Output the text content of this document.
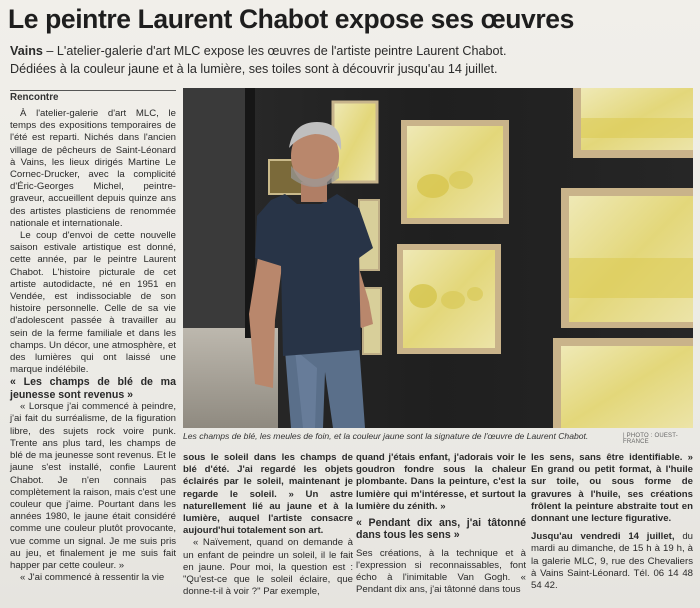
Le peintre Laurent Chabot expose ses œuvres
Vains – L'atelier-galerie d'art MLC expose les œuvres de l'artiste peintre Laurent Chabot.
Dédiées à la couleur jaune et à la lumière, ses toiles sont à découvrir jusqu'au 14 juillet.
Rencontre

À l'atelier-galerie d'art MLC, le temps des expositions temporaires de l'été est reparti. Nichés dans l'ancien village de pêcheurs de Saint-Léonard à Vains, les lieux dirigés Martine Le Cornec-Drucker, avec la complicité d'Éric-Georges Michel, peintre-graveur, accueillent depuis quinze ans des artistes plasticiens de renommée nationale et internationale.

Le coup d'envoi de cette nouvelle saison estivale artistique est donné, cette année, par le peintre Laurent Chabot. L'histoire picturale de cet artiste autodidacte, né en 1951 en Vendée, est indissociable de son histoire personnelle. Celle de sa vie d'adolescent passée à travailler au sein de la ferme familiale et dans les champs. Un décor, une atmosphère, et des lumières qui ont laissé une marque indélébile.

« Les champs de blé de ma jeunesse sont revenus »

« Lorsque j'ai commencé à peindre, j'ai fait du surréalisme, de la figuration libre, des sujets rock voire punk. Trente ans plus tard, les champs de blé de ma jeunesse sont revenus. Et le jaune s'est installé, confie Laurent Chabot. Je n'en connais pas complètement la raison, mais c'est une couleur que j'aime. Pourtant dans les années 1980, le jaune était considéré comme une couleur plutôt provocante, vue comme un signal. Je me suis pris au jeu, et finalement je me suis fait happer par cette couleur. »

« J'ai commencé à ressentir la vie

Les champs de blé, les meules de foin, et la couleur jaune sont la signature de l'œuvre de Laurent Chabot.	| PHOTO : OUEST-FRANCE

sous le soleil dans les champs de blé d'été. J'ai regardé les objets éclairés par le soleil, maintenant je regarde le soleil. » Un astre naturellement lié au jaune et à la lumière, auquel l'artiste consacre aujourd'hui totalement son art.

« Naïvement, quand on demande à un enfant de peindre un soleil, il le fait en jaune. Pour moi, la question est : "Qu'est-ce que le soleil éclaire, que donne-t-il à voir ?" Par exemple,

quand j'étais enfant, j'adorais voir le goudron fondre sous la chaleur plombante. Dans la peinture, c'est la lumière qui m'intéresse, et surtout la lumière du zénith. »

« Pendant dix ans, j'ai tâtonné dans tous les sens »

Ses créations, à la technique et à l'expression si reconnaissables, font écho à l'inimitable Van Gogh. « Pendant dix ans, j'ai tâtonné dans tous

les sens, sans être identifiable. » En grand ou petit format, à l'huile sur toile, ou sous forme de gravures à l'huile, ses créations frôlent la peinture abstraite tout en donnant une lecture figurative.

Jusqu'au vendredi 14 juillet, du mardi au dimanche, de 15 h à 19 h, à la galerie MLC, 9, rue des Chevaliers à Vains Saint-Léonard. Tél. 06 14 48 54 42.
